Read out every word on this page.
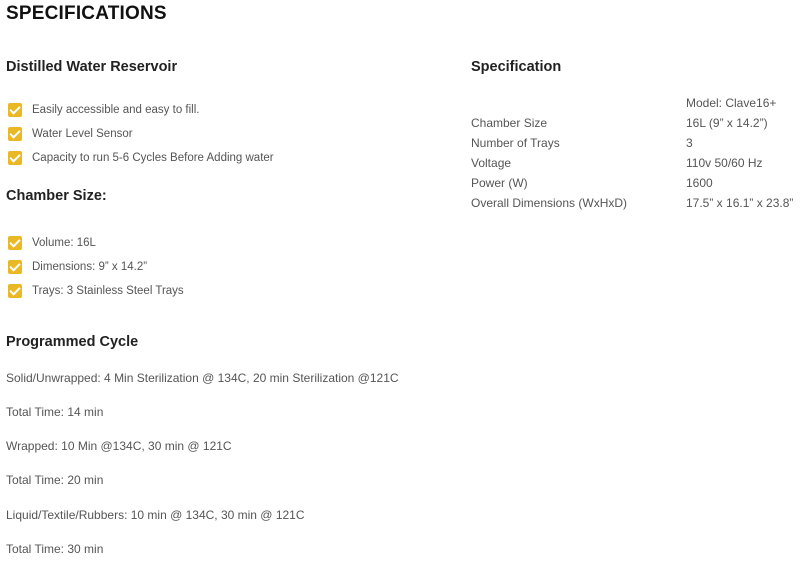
SPECIFICATIONS
Distilled Water Reservoir
Easily accessible and easy to fill.
Water Level Sensor
Capacity to run 5-6 Cycles Before Adding water
Chamber Size:
Volume: 16L
Dimensions: 9” x 14.2”
Trays: 3 Stainless Steel Trays
Specification
	Model: Clave16+
Chamber Size	16L (9” x 14.2”)
Number of Trays	3
Voltage	110v 50/60 Hz
Power (W)	1600
Overall Dimensions (WxHxD)	17.5” x 16.1” x 23.8”
Programmed Cycle

Solid/Unwrapped: 4 Min Sterilization @ 134C, 20 min Sterilization @121C

Total Time: 14 min

Wrapped: 10 Min @134C, 30 min @ 121C

Total Time: 20 min

Liquid/Textile/Rubbers: 10 min @ 134C, 30 min @ 121C

Total Time: 30 min
